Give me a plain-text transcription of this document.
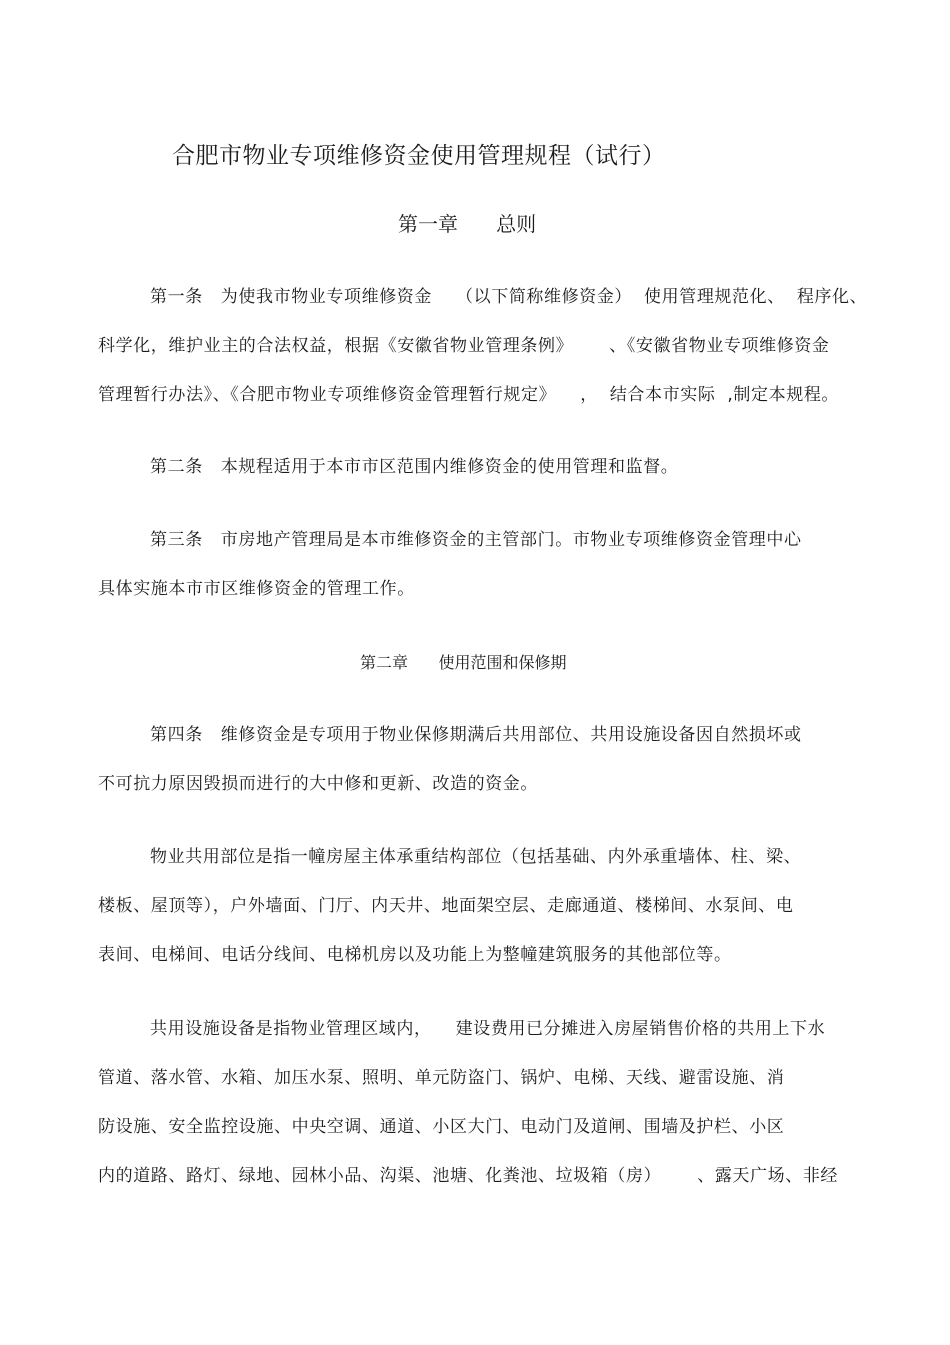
合肥市物业专项维修资金使用管理规程（试行）
第一章      总则
第一条   为使我市物业专项维修资金    （以下简称维修资金）  使用管理规范化、  程序化、
科学化，维护业主的合法权益，根据《安徽省物业管理条例》      、《安徽省物业专项维修资金
管理暂行办法》、《合肥市物业专项维修资金管理暂行规定》    ，  结合本市实际  ,制定本规程。
第二条   本规程适用于本市市区范围内维修资金的使用管理和监督。
第三条   市房地产管理局是本市维修资金的主管部门。市物业专项维修资金管理中心
具体实施本市市区维修资金的管理工作。
第二章      使用范围和保修期
第四条   维修资金是专项用于物业保修期满后共用部位、共用设施设备因自然损坏或
不可抗力原因毁损而进行的大中修和更新、改造的资金。
物业共用部位是指一幢房屋主体承重结构部位（包括基础、内外承重墙体、柱、梁、
楼板、屋顶等），户外墙面、门厅、内天井、地面架空层、走廊通道、楼梯间、水泵间、电
表间、电梯间、电话分线间、电梯机房以及功能上为整幢建筑服务的其他部位等。
共用设施设备是指物业管理区域内，    建设费用已分摊进入房屋销售价格的共用上下水
管道、落水管、水箱、加压水泵、照明、单元防盗门、锅炉、电梯、天线、避雷设施、消
防设施、安全监控设施、中央空调、通道、小区大门、电动门及道闸、围墙及护栏、小区
内的道路、路灯、绿地、园林小品、沟渠、池塘、化粪池、垃圾箱（房）      、露天广场、非经
